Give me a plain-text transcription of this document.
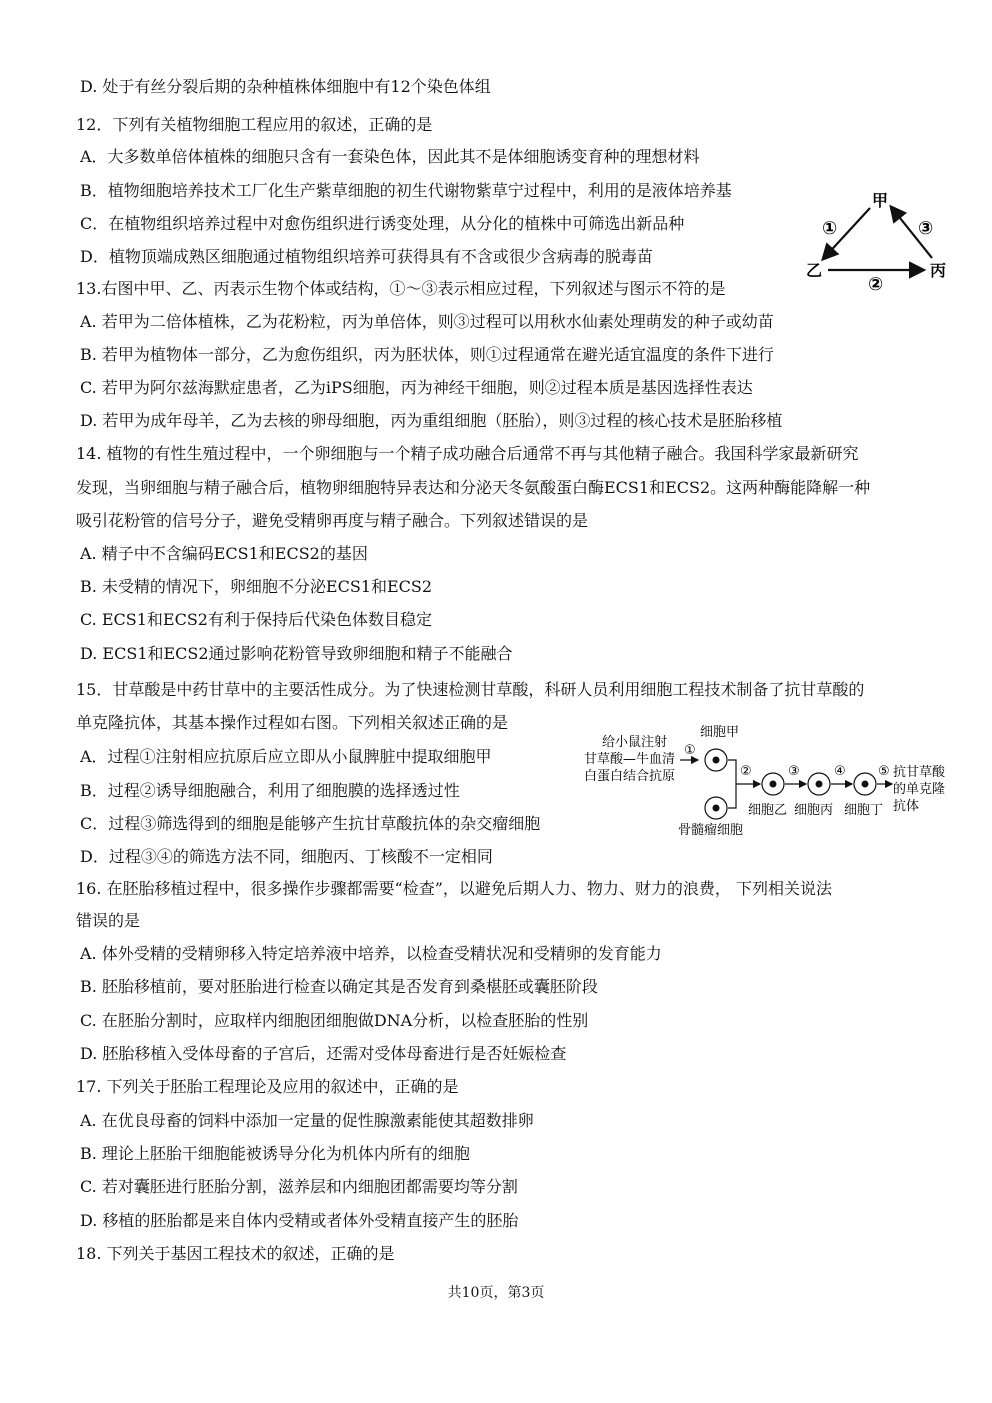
D. 处于有丝分裂后期的杂种植株体细胞中有12个染色体组
12．下列有关植物细胞工程应用的叙述，正确的是
A．大多数单倍体植株的细胞只含有一套染色体，因此其不是体细胞诱变育种的理想材料
B．植物细胞培养技术工厂化生产紫草细胞的初生代谢物紫草宁过程中，利用的是液体培养基
C．在植物组织培养过程中对愈伤组织进行诱变处理，从分化的植株中可筛选出新品种
D．植物顶端成熟区细胞通过植物组织培养可获得具有不含或很少含病毒的脱毒苗
13.右图中甲、乙、丙表示生物个体或结构，①～③表示相应过程，下列叙述与图示不符的是
A. 若甲为二倍体植株，乙为花粉粒，丙为单倍体，则③过程可以用秋水仙素处理萌发的种子或幼苗
B. 若甲为植物体一部分，乙为愈伤组织，丙为胚状体，则①过程通常在避光适宜温度的条件下进行
C. 若甲为阿尔兹海默症患者，乙为iPS细胞，丙为神经干细胞，则②过程本质是基因选择性表达
D. 若甲为成年母羊，乙为去核的卵母细胞，丙为重组细胞（胚胎），则③过程的核心技术是胚胎移植
14. 植物的有性生殖过程中，一个卵细胞与一个精子成功融合后通常不再与其他精子融合。我国科学家最新研究
发现，当卵细胞与精子融合后，植物卵细胞特异表达和分泌天冬氨酸蛋白酶ECS1和ECS2。这两种酶能降解一种
吸引花粉管的信号分子，避免受精卵再度与精子融合。下列叙述错误的是
A. 精子中不含编码ECS1和ECS2的基因
B. 未受精的情况下，卵细胞不分泌ECS1和ECS2
C. ECS1和ECS2有利于保持后代染色体数目稳定
D. ECS1和ECS2通过影响花粉管导致卵细胞和精子不能融合
15．甘草酸是中药甘草中的主要活性成分。为了快速检测甘草酸，科研人员利用细胞工程技术制备了抗甘草酸的
单克隆抗体，其基本操作过程如右图。下列相关叙述正确的是
A．过程①注射相应抗原后应立即从小鼠脾脏中提取细胞甲
B．过程②诱导细胞融合，利用了细胞膜的选择透过性
C．过程③筛选得到的细胞是能够产生抗甘草酸抗体的杂交瘤细胞
D．过程③④的筛选方法不同，细胞丙、丁核酸不一定相同
16. 在胚胎移植过程中，很多操作步骤都需要“检查”，以避免后期人力、物力、财力的浪费， 下列相关说法
错误的是
A. 体外受精的受精卵移入特定培养液中培养，以检查受精状况和受精卵的发育能力
B. 胚胎移植前，要对胚胎进行检查以确定其是否发育到桑椹胚或囊胚阶段
C. 在胚胎分割时，应取样内细胞团细胞做DNA分析，以检查胚胎的性别
D. 胚胎移植入受体母畜的子宫后，还需对受体母畜进行是否妊娠检查
17. 下列关于胚胎工程理论及应用的叙述中，正确的是
A. 在优良母畜的饲料中添加一定量的促性腺激素能使其超数排卵
B. 理论上胚胎干细胞能被诱导分化为机体内所有的细胞
C. 若对囊胚进行胚胎分割，滋养层和内细胞团都需要均等分割
D. 移植的胚胎都是来自体内受精或者体外受精直接产生的胚胎
18. 下列关于基因工程技术的叙述，正确的是
甲
乙	丙
①
②
③
给小鼠注射
甘草酸—牛血清
白蛋白结合抗原
①
细胞甲
骨髓瘤细胞
②	③	④ ⑤
细胞乙 细胞丙 细胞丁
抗甘草酸
的单克隆
抗体
共10页，第3页
